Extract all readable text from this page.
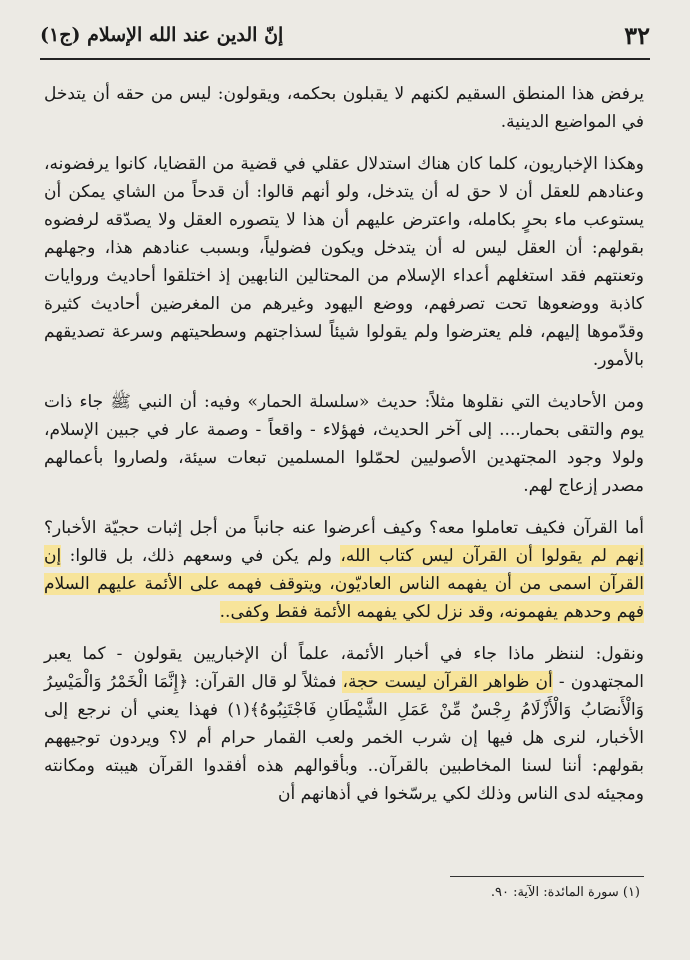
٣٢
إنّ الدين عند الله الإسلام (ج١)

يرفض هذا المنطق السقيم لكنهم لا يقبلون بحكمه، ويقولون: ليس من حقه أن يتدخل في المواضيع الدينية.

وهكذا الإخباريون، كلما كان هناك استدلال عقلي في قضية من القضايا، كانوا يرفضونه، وعنادهم للعقل أن لا حق له أن يتدخل، ولو أنهم قالوا: أن قدحاً من الشاي يمكن أن يستوعب ماء بحرٍ بكامله، واعترض عليهم أن هذا لا يتصوره العقل ولا يصدّقه لرفضوه بقولهم: أن العقل ليس له أن يتدخل ويكون فضولياً، وبسبب عنادهم هذا، وجهلهم وتعنتهم فقد استغلهم أعداء الإسلام من المحتالين النابهين إذ اختلقوا أحاديث وروايات كاذبة ووضعوها تحت تصرفهم، ووضع اليهود وغيرهم من المغرضين أحاديث كثيرة وقدّموها إليهم، فلم يعترضوا ولم يقولوا شيئاً لسذاجتهم وسطحيتهم وسرعة تصديقهم بالأمور.

ومن الأحاديث التي نقلوها مثلاً: حديث «سلسلة الحمار» وفيه: أن النبي ﷺ جاء ذات يوم والتقى بحمار.... إلى آخر الحديث، فهؤلاء - واقعاً - وصمة عار في جبين الإسلام، ولولا وجود المجتهدين الأصوليين لحمّلوا المسلمين تبعات سيئة، ولصاروا بأعمالهم مصدر إزعاج لهم.

أما القرآن فكيف تعاملوا معه؟ وكيف أعرضوا عنه جانباً من أجل إثبات حجيّة الأخبار؟ إنهم لم يقولوا أن القرآن ليس كتاب الله، ولم يكن في وسعهم ذلك، بل قالوا: إن القرآن اسمى من أن يفهمه الناس العاديّون، ويتوقف فهمه على الأئمة عليهم السلام فهم وحدهم يفهمونه، وقد نزل لكي يفهمه الأئمة فقط وكفى..

ونقول: لننظر ماذا جاء في أخبار الأئمة، علماً أن الإخباريين يقولون - كما يعبر المجتهدون - أن ظواهر القرآن ليست حجة، فمثلاً لو قال القرآن: ﴿إِنَّمَا الْخَمْرُ وَالْمَيْسِرُ وَالْأَنصَابُ وَالْأَزْلَامُ رِجْسٌ مِّنْ عَمَلِ الشَّيْطَانِ فَاجْتَنِبُوهُ﴾(١) فهذا يعني أن نرجع إلى الأخبار، لنرى هل فيها إن شرب الخمر ولعب القمار حرام أم لا؟ ويردون توجيههم بقولهم: أننا لسنا المخاطبين بالقرآن.. وبأقوالهم هذه أفقدوا القرآن هيبته ومكانته ومجيئه لدى الناس وذلك لكي يرسّخوا في أذهانهم أن

(١) سورة المائدة: الآية: ٩٠.
